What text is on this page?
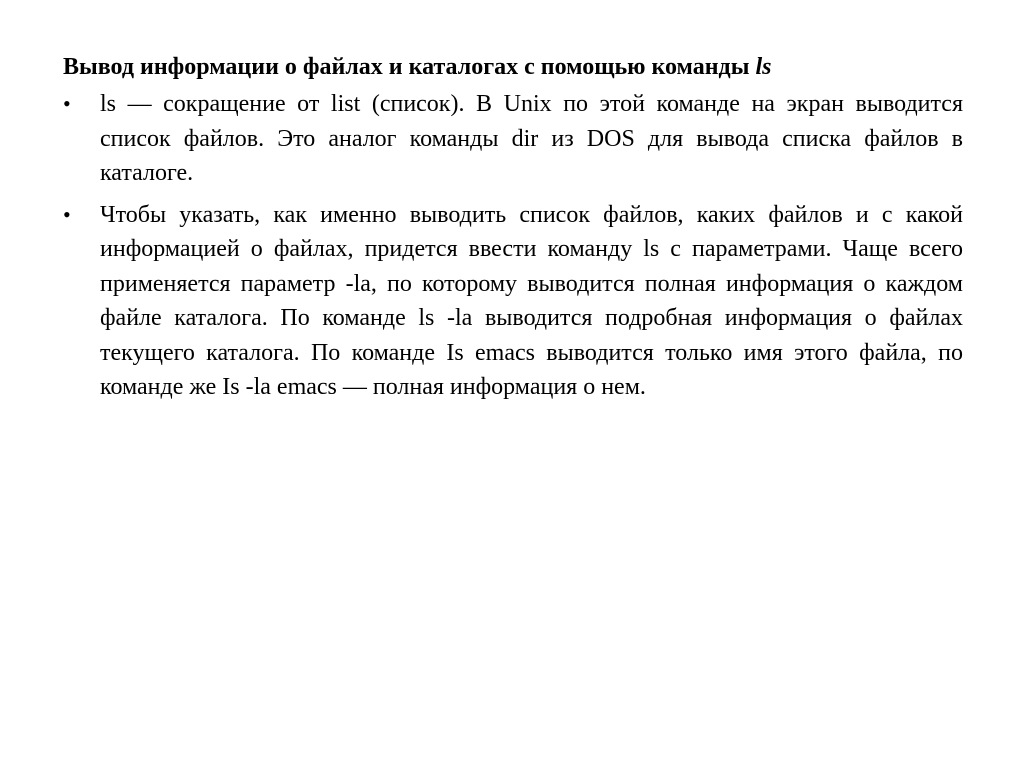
Вывод информации о файлах и каталогах с помощью команды ls
• ls — сокращение от list (список). В Unix по этой команде на экран выводится список файлов. Это аналог команды dir из DOS для вывода списка файлов в каталоге.
• Чтобы указать, как именно выводить список файлов, каких файлов и с какой информацией о файлах, придется ввести команду ls с параметрами. Чаще всего применяется параметр -la, по которому выводится полная информация о каждом файле каталога. По команде ls -la выводится подробная информация о файлах текущего каталога. По команде Is emacs выводится только имя этого файла, по команде же Is -la emacs — полная информация о нем.
